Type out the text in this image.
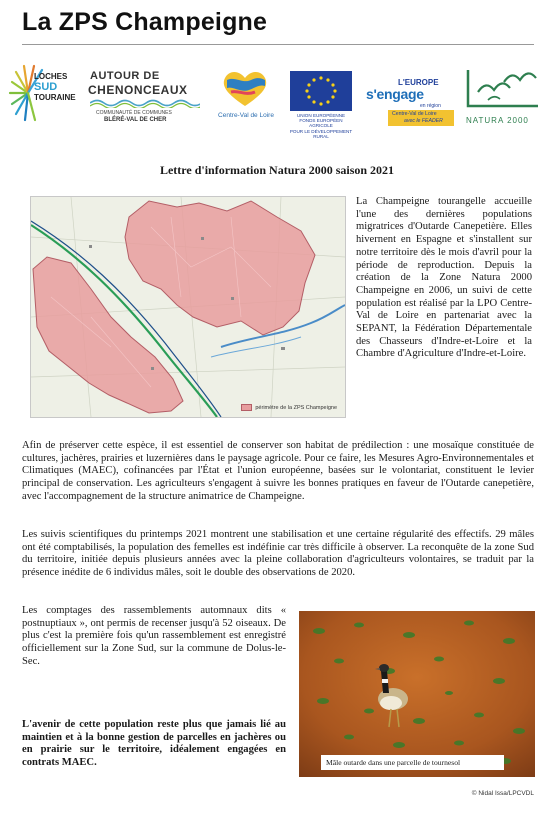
La ZPS Champeigne
LOCHES
SUD
TOURAINE
AUTOUR DE
CHENONCEAUX
COMMUNAUTÉ DE COMMUNES
BLÉRÉ-VAL DE CHER
Centre-Val de Loire	UNION EUROPÉENNE
FONDS EUROPÉEN AGRICOLE
POUR LE DÉVELOPPEMENT RURAL
L'EUROPE
s'engage
en région
Centre-Val de Loire
avec le FEADER	NATURA 2000
Lettre d'information Natura 2000 saison 2021
périmètre de la ZPS Champeigne
La Champeigne tourangelle accueille l'une des dernières populations migratrices d'Outarde Canepetière. Elles hivernent en Espagne et s'installent sur notre territoire dès le mois d'avril pour la période de reproduction. Depuis la création de la Zone Natura 2000 Champeigne en 2006, un suivi de cette population est réalisé par la LPO Centre-Val de Loire en partenariat avec la SEPANT, la Fédération Départementale des Chasseurs d'Indre-et-Loire et la Chambre d'Agriculture d'Indre-et-Loire.
Afin de préserver cette espèce, il est essentiel de conserver son habitat de prédilection : une mosaïque constituée de cultures, jachères, prairies et luzernières dans le paysage agricole. Pour ce faire, les Mesures Agro-Environnementales et Climatiques (MAEC), cofinancées par l'État et l'union européenne, basées sur le volontariat, constituent le levier principal de conservation. Les agriculteurs s'engagent à suivre les bonnes pratiques en faveur de l'Outarde canepetière, avec l'accompagnement de la structure animatrice de Champeigne.
Les suivis scientifiques du printemps 2021 montrent une stabilisation et une certaine régularité des effectifs. 29 mâles ont été comptabilisés, la population des femelles est indéfinie car très difficile à observer. La reconquête de la zone Sud du territoire, initiée depuis plusieurs années avec la pleine collaboration d'agriculteurs volontaires, se traduit par la présence inédite de 6 individus mâles, soit le double des observations de 2020.
Les comptages des rassemblements automnaux dits « postnuptiaux », ont permis de recenser jusqu'à 52 oiseaux. De plus c'est la première fois qu'un rassemblement est enregistré officiellement sur la Zone Sud, sur la commune de Dolus-le-Sec.
L'avenir de cette population reste plus que jamais lié au maintien et à la bonne gestion de parcelles en jachères ou en prairie sur le territoire, idéalement engagées en contrats MAEC.	Mâle outarde dans une parcelle de tournesol
© Nidal Issa/LPCVDL
